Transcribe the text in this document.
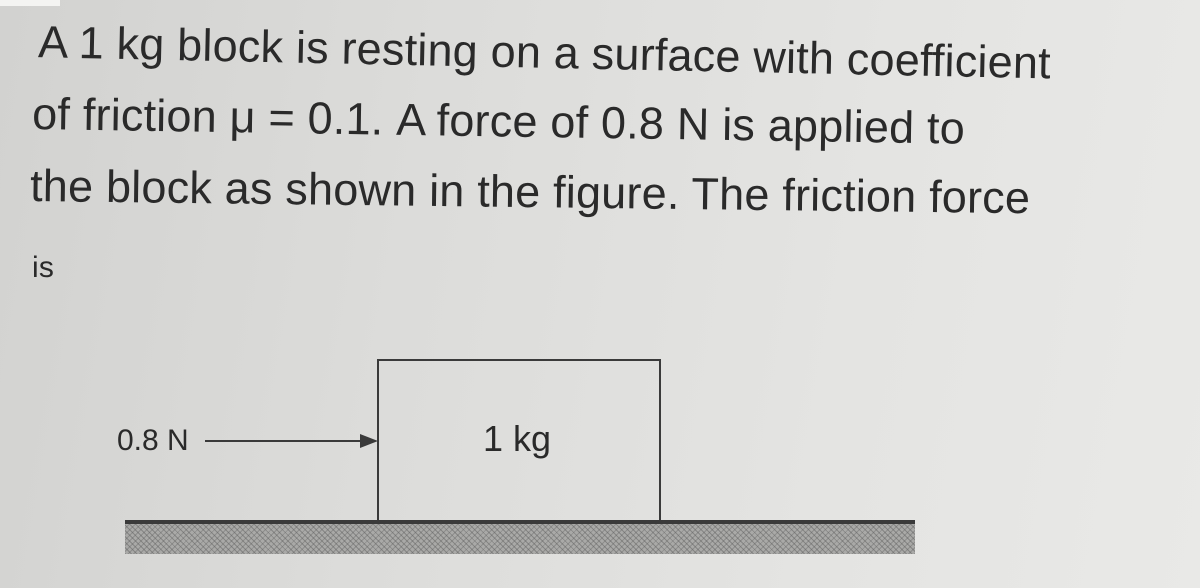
A 1 kg block is resting on a surface with coefficient
of friction μ = 0.1. A force of 0.8 N is applied to
the block as shown in the figure. The friction force
is
0.8 N	1 kg
